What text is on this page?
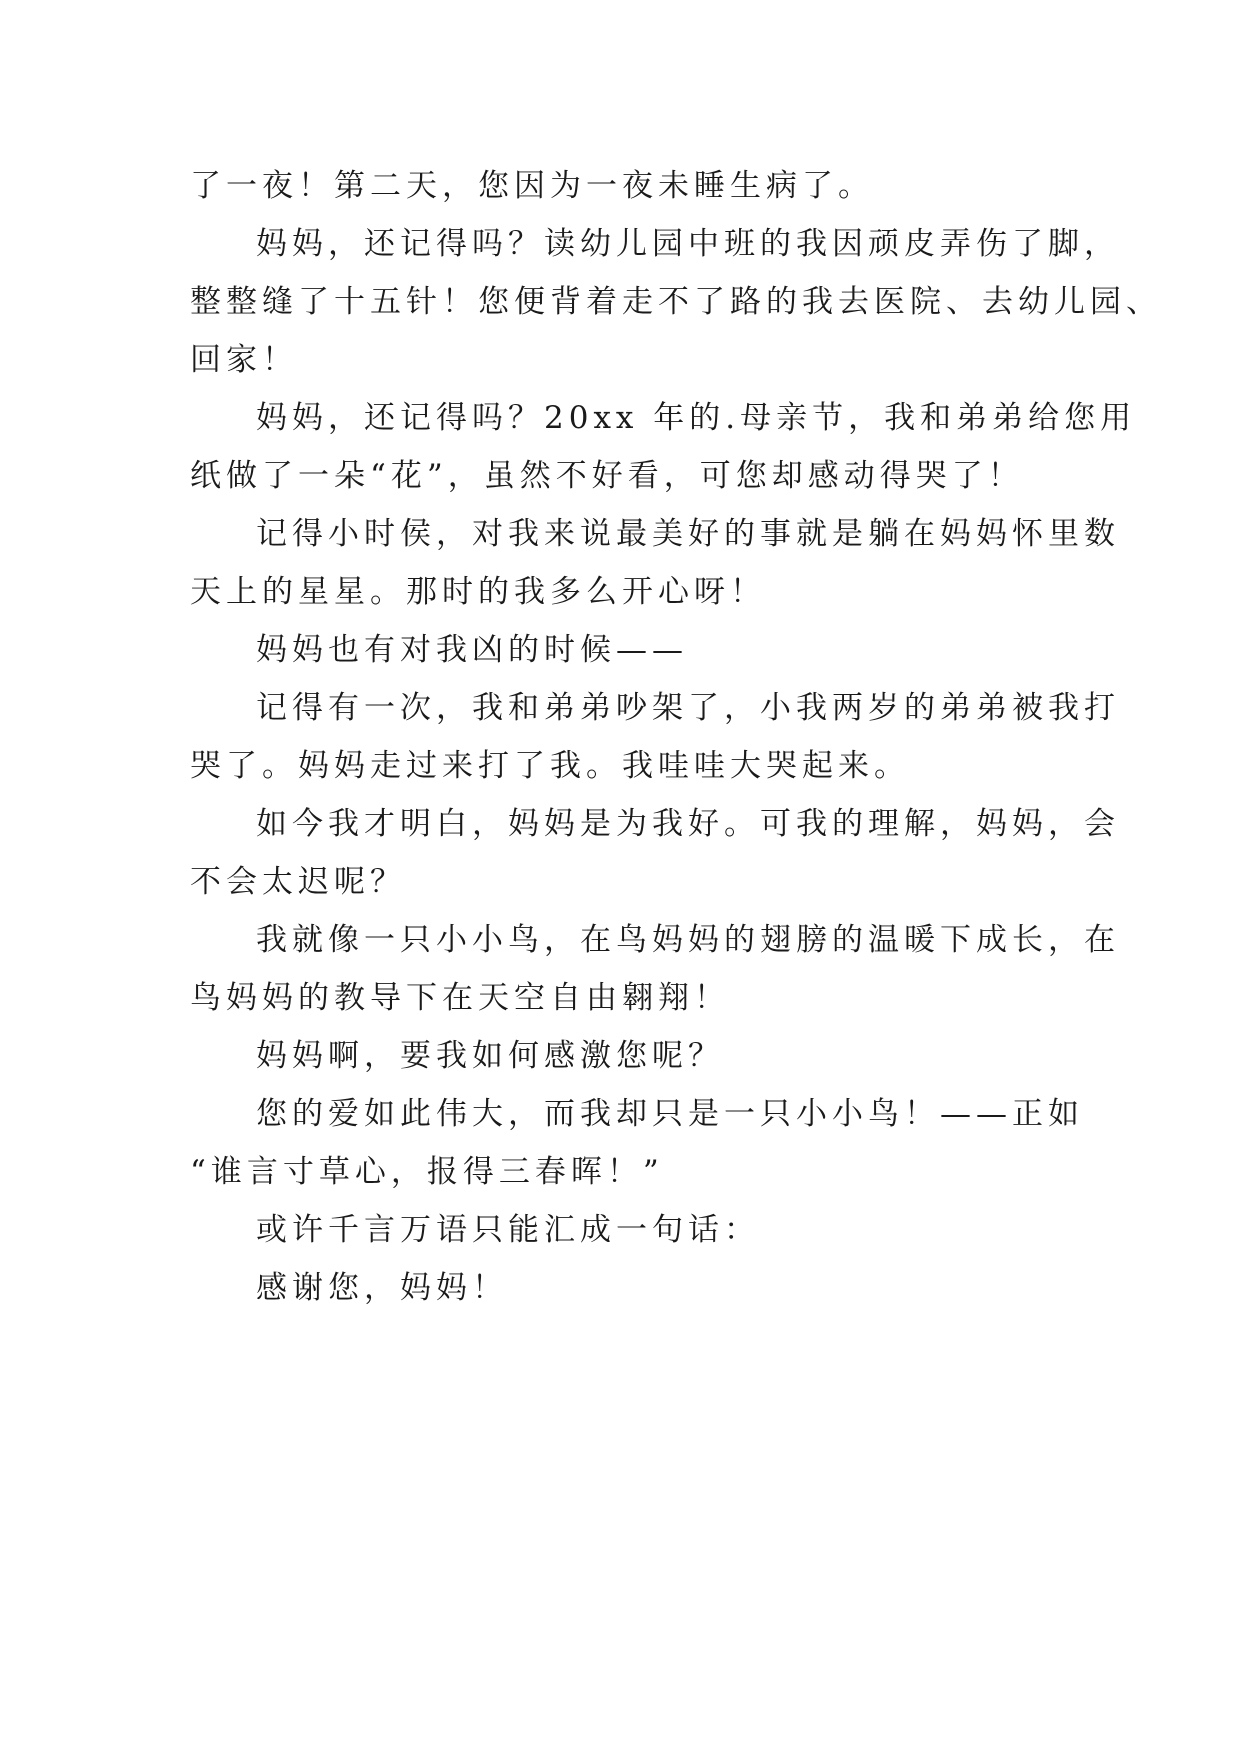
了一夜！第二天，您因为一夜未睡生病了。
妈妈，还记得吗？读幼儿园中班的我因顽皮弄伤了脚，
整整缝了十五针！您便背着走不了路的我去医院、去幼儿园、
回家！
妈妈，还记得吗？20xx 年的.母亲节，我和弟弟给您用
纸做了一朵“花”，虽然不好看，可您却感动得哭了！
记得小时侯，对我来说最美好的事就是躺在妈妈怀里数
天上的星星。那时的我多么开心呀！
妈妈也有对我凶的时候——
记得有一次，我和弟弟吵架了，小我两岁的弟弟被我打
哭了。妈妈走过来打了我。我哇哇大哭起来。
如今我才明白，妈妈是为我好。可我的理解，妈妈，会
不会太迟呢？
我就像一只小小鸟，在鸟妈妈的翅膀的温暖下成长，在
鸟妈妈的教导下在天空自由翱翔！
妈妈啊，要我如何感激您呢？
您的爱如此伟大，而我却只是一只小小鸟！——正如
“谁言寸草心，报得三春晖！”
或许千言万语只能汇成一句话：
感谢您，妈妈！
